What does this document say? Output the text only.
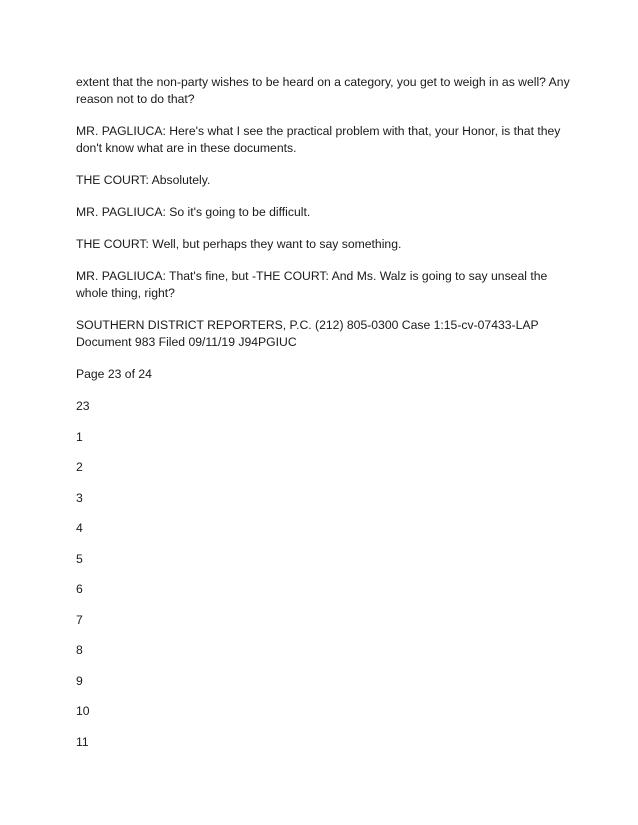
extent that the non-party wishes to be heard on a category, you get to weigh in as well? Any reason not to do that?

MR. PAGLIUCA: Here's what I see the practical problem with that, your Honor, is that they don't know what are in these documents.

THE COURT: Absolutely.

MR. PAGLIUCA: So it's going to be difficult.

THE COURT: Well, but perhaps they want to say something.

MR. PAGLIUCA: That's fine, but -THE COURT: And Ms. Walz is going to say unseal the whole thing, right?

SOUTHERN DISTRICT REPORTERS, P.C. (212) 805-0300 Case 1:15-cv-07433-LAP Document 983 Filed 09/11/19 J94PGIUC

Page 23 of 24

23

1

2

3

4

5

6

7

8

9

10

11
